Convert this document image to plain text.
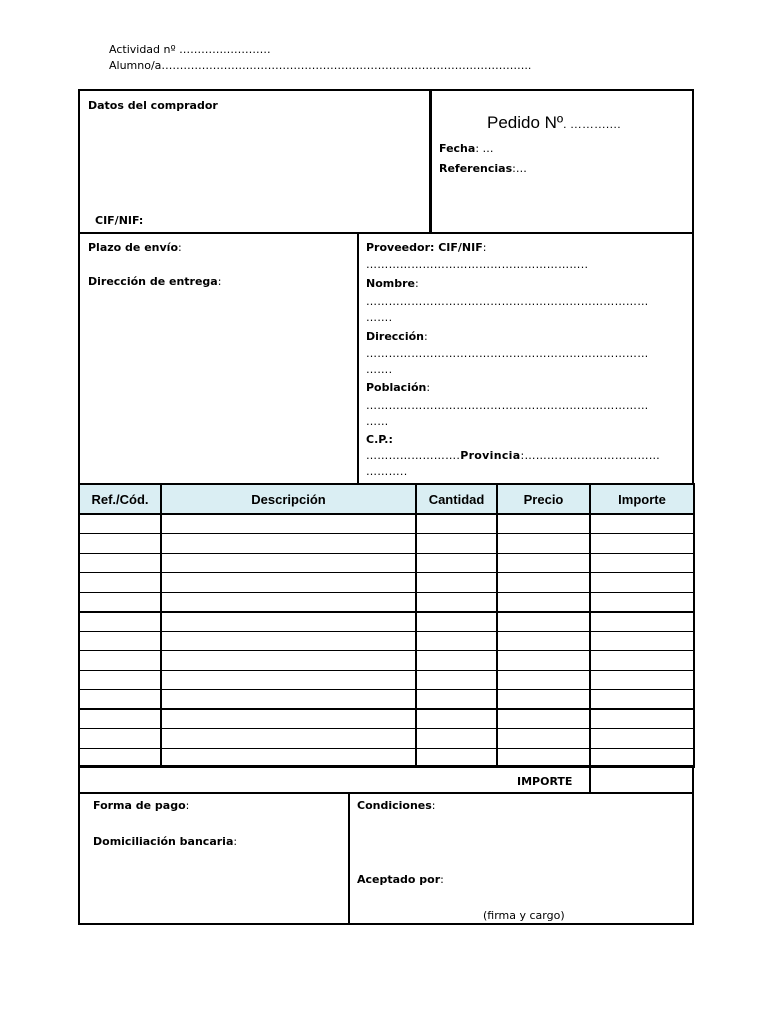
Actividad nº ………….…………
Alumno/a………………………………………………………………………………………..
Datos del comprador
CIF/NIF:
Pedido Nº. ……….…
Fecha: …
Referencias:…
Plazo de envío:
Dirección de entrega:
Proveedor: CIF/NIF:
…………………………………………………..
Nombre:
…………………………………………………………………
…….
Dirección:
…………………………………………………………………
…….
Población:
…………………………………………………………………
……
C.P.:
…………………….Provincia:………………………………
………..
Ref./Cód.	Descripción	Cantidad	Precio	Importe

IMPORTE
Forma de pago:
Domiciliación bancaria:
Condiciones:
Aceptado por:
(firma y cargo)
